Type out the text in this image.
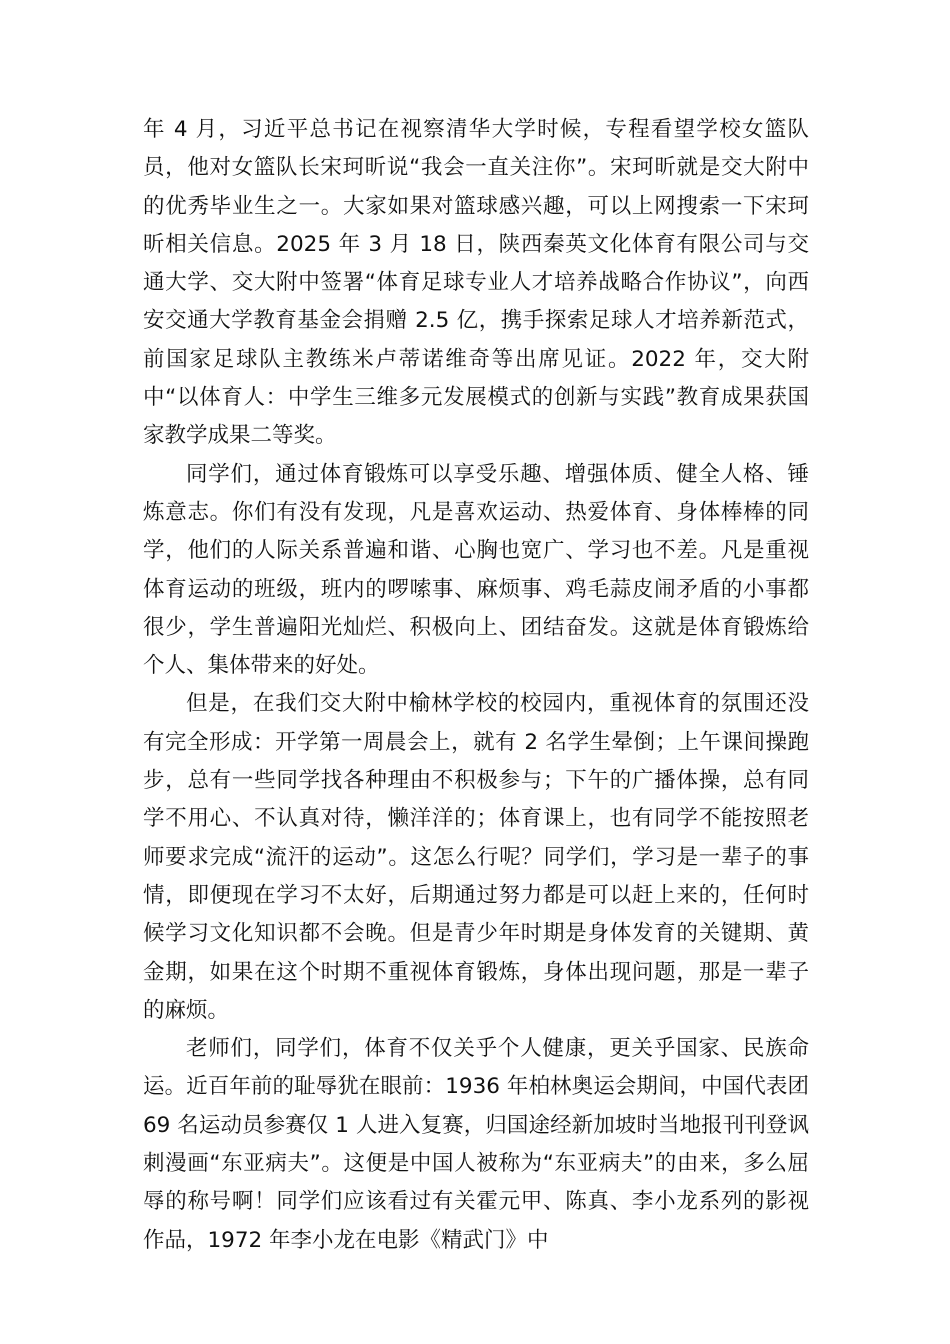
年 4 月，习近平总书记在视察清华大学时候，专程看望学校女篮队员，他对女篮队长宋珂昕说“我会一直关注你”。宋珂昕就是交大附中的优秀毕业生之一。大家如果对篮球感兴趣，可以上网搜索一下宋珂昕相关信息。2025 年 3 月 18 日，陕西秦英文化体育有限公司与交通大学、交大附中签署“体育足球专业人才培养战略合作协议”，向西安交通大学教育基金会捐赠 2.5 亿，携手探索足球人才培养新范式，前国家足球队主教练米卢蒂诺维奇等出席见证。2022 年，交大附中“以体育人：中学生三维多元发展模式的创新与实践”教育成果获国家教学成果二等奖。

同学们，通过体育锻炼可以享受乐趣、增强体质、健全人格、锤炼意志。你们有没有发现，凡是喜欢运动、热爱体育、身体棒棒的同学，他们的人际关系普遍和谐、心胸也宽广、学习也不差。凡是重视体育运动的班级，班内的啰嗦事、麻烦事、鸡毛蒜皮闹矛盾的小事都很少，学生普遍阳光灿烂、积极向上、团结奋发。这就是体育锻炼给个人、集体带来的好处。

但是，在我们交大附中榆林学校的校园内，重视体育的氛围还没有完全形成：开学第一周晨会上，就有 2 名学生晕倒；上午课间操跑步，总有一些同学找各种理由不积极参与；下午的广播体操，总有同学不用心、不认真对待，懒洋洋的；体育课上，也有同学不能按照老师要求完成“流汗的运动”。这怎么行呢？同学们，学习是一辈子的事情，即便现在学习不太好，后期通过努力都是可以赶上来的，任何时候学习文化知识都不会晚。但是青少年时期是身体发育的关键期、黄金期，如果在这个时期不重视体育锻炼，身体出现问题，那是一辈子的麻烦。

老师们，同学们，体育不仅关乎个人健康，更关乎国家、民族命运。近百年前的耻辱犹在眼前：1936 年柏林奥运会期间，中国代表团 69 名运动员参赛仅 1 人进入复赛，归国途经新加坡时当地报刊刊登讽刺漫画“东亚病夫”。这便是中国人被称为“东亚病夫”的由来，多么屈辱的称号啊！同学们应该看过有关霍元甲、陈真、李小龙系列的影视作品，1972 年李小龙在电影《精武门》中
